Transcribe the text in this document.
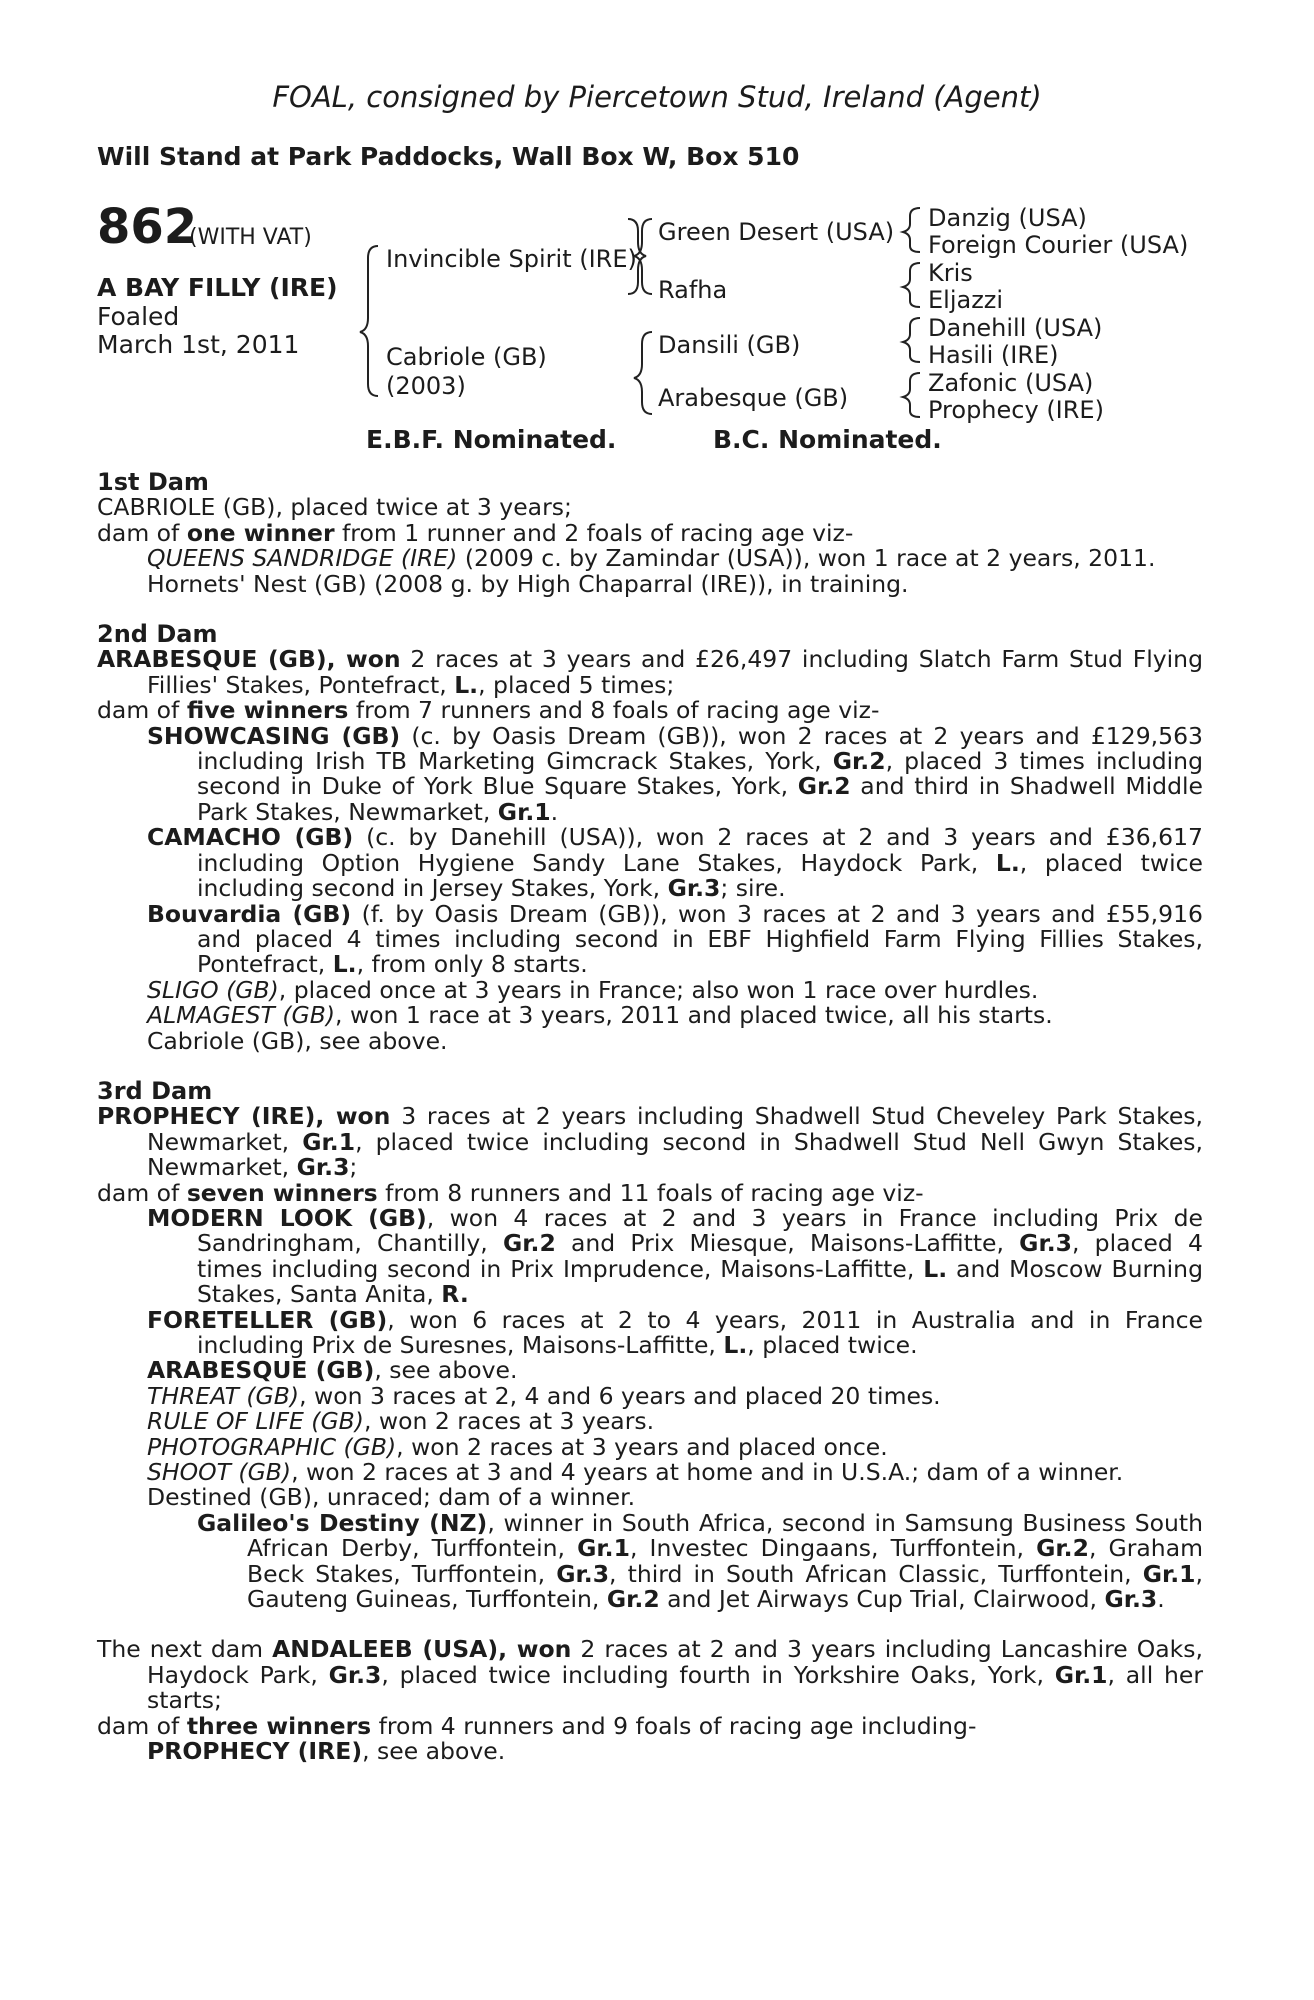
FOAL, consigned by Piercetown Stud, Ireland (Agent)
Will Stand at Park Paddocks, Wall Box W, Box 510
862
(WITH VAT)
A BAY FILLY (IRE)
Foaled
March 1st, 2011
Invincible Spirit (IRE)
Cabriole (GB)
(2003)
Green Desert (USA)
Rafha
Dansili (GB)
Arabesque (GB)
Danzig (USA)
Foreign Courier (USA)
Kris
Eljazzi
Danehill (USA)
Hasili (IRE)
Zafonic (USA)
Prophecy (IRE)
E.B.F. Nominated.	B.C. Nominated.

1st Dam

CABRIOLE (GB), placed twice at 3 years;

dam of one winner from 1 runner and 2 foals of racing age viz-

QUEENS SANDRIDGE (IRE) (2009 c. by Zamindar (USA)), won 1 race at 2 years, 2011.

Hornets' Nest (GB) (2008 g. by High Chaparral (IRE)), in training.

2nd Dam

ARABESQUE (GB), won 2 races at 3 years and £26,497 including Slatch Farm Stud Flying Fillies' Stakes, Pontefract, L., placed 5 times;

dam of five winners from 7 runners and 8 foals of racing age viz-

SHOWCASING (GB) (c. by Oasis Dream (GB)), won 2 races at 2 years and £129,563 including Irish TB Marketing Gimcrack Stakes, York, Gr.2, placed 3 times including second in Duke of York Blue Square Stakes, York, Gr.2 and third in Shadwell Middle Park Stakes, Newmarket, Gr.1.

CAMACHO (GB) (c. by Danehill (USA)), won 2 races at 2 and 3 years and £36,617 including Option Hygiene Sandy Lane Stakes, Haydock Park, L., placed twice including second in Jersey Stakes, York, Gr.3; sire.

Bouvardia (GB) (f. by Oasis Dream (GB)), won 3 races at 2 and 3 years and £55,916 and placed 4 times including second in EBF Highfield Farm Flying Fillies Stakes, Pontefract, L., from only 8 starts.

SLIGO (GB), placed once at 3 years in France; also won 1 race over hurdles.

ALMAGEST (GB), won 1 race at 3 years, 2011 and placed twice, all his starts.

Cabriole (GB), see above.

3rd Dam

PROPHECY (IRE), won 3 races at 2 years including Shadwell Stud Cheveley Park Stakes, Newmarket, Gr.1, placed twice including second in Shadwell Stud Nell Gwyn Stakes, Newmarket, Gr.3;

dam of seven winners from 8 runners and 11 foals of racing age viz-

MODERN LOOK (GB), won 4 races at 2 and 3 years in France including Prix de Sandringham, Chantilly, Gr.2 and Prix Miesque, Maisons-Laffitte, Gr.3, placed 4 times including second in Prix Imprudence, Maisons-Laffitte, L. and Moscow Burning Stakes, Santa Anita, R.

FORETELLER (GB), won 6 races at 2 to 4 years, 2011 in Australia and in France including Prix de Suresnes, Maisons-Laffitte, L., placed twice.

ARABESQUE (GB), see above.

THREAT (GB), won 3 races at 2, 4 and 6 years and placed 20 times.

RULE OF LIFE (GB), won 2 races at 3 years.

PHOTOGRAPHIC (GB), won 2 races at 3 years and placed once.

SHOOT (GB), won 2 races at 3 and 4 years at home and in U.S.A.; dam of a winner.

Destined (GB), unraced; dam of a winner.

Galileo's Destiny (NZ), winner in South Africa, second in Samsung Business South African Derby, Turffontein, Gr.1, Investec Dingaans, Turffontein, Gr.2, Graham Beck Stakes, Turffontein, Gr.3, third in South African Classic, Turffontein, Gr.1, Gauteng Guineas, Turffontein, Gr.2 and Jet Airways Cup Trial, Clairwood, Gr.3.

The next dam ANDALEEB (USA), won 2 races at 2 and 3 years including Lancashire Oaks, Haydock Park, Gr.3, placed twice including fourth in Yorkshire Oaks, York, Gr.1, all her starts;

dam of three winners from 4 runners and 9 foals of racing age including-

PROPHECY (IRE), see above.
